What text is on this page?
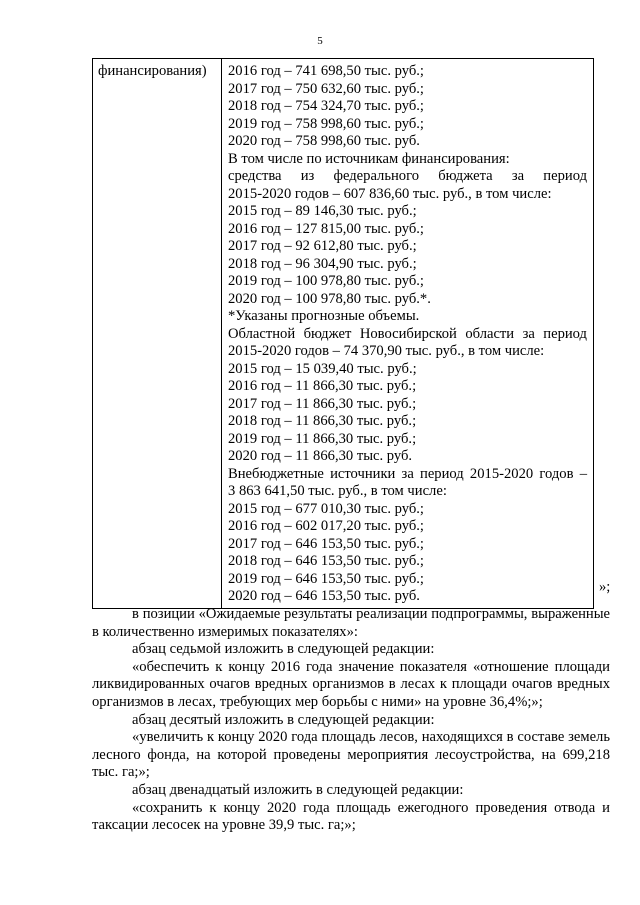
5
финансирования)	2016 год – 741 698,50 тыс. руб.;
2017 год – 750 632,60 тыс. руб.;
2018 год – 754 324,70 тыс. руб.;
2019 год – 758 998,60 тыс. руб.;
2020 год – 758 998,60 тыс. руб.
В том числе по источникам финансирования:
средства из федерального бюджета за период
2015-2020 годов – 607 836,60 тыс. руб., в том числе:
2015 год – 89 146,30 тыс. руб.;
2016 год – 127 815,00 тыс. руб.;
2017 год – 92 612,80 тыс. руб.;
2018 год – 96 304,90 тыс. руб.;
2019 год – 100 978,80 тыс. руб.;
2020 год – 100 978,80 тыс. руб.*.
*Указаны прогнозные объемы.
Областной бюджет Новосибирской области за период
2015-2020 годов – 74 370,90 тыс. руб., в том числе:
2015 год – 15 039,40 тыс. руб.;
2016 год – 11 866,30 тыс. руб.;
2017 год – 11 866,30 тыс. руб.;
2018 год – 11 866,30 тыс. руб.;
2019 год – 11 866,30 тыс. руб.;
2020 год – 11 866,30 тыс. руб.
Внебюджетные источники за период 2015-2020 годов –
3 863 641,50 тыс. руб., в том числе:
2015 год – 677 010,30 тыс. руб.;
2016 год – 602 017,20 тыс. руб.;
2017 год – 646 153,50 тыс. руб.;
2018 год – 646 153,50 тыс. руб.;
2019 год – 646 153,50 тыс. руб.;
2020 год – 646 153,50 тыс. руб.
»;

в позиции «Ожидаемые результаты реализации подпрограммы, выраженные в количественно измеримых показателях»:

абзац седьмой изложить в следующей редакции:

«обеспечить к концу 2016 года значение показателя «отношение площади ликвидированных очагов вредных организмов в лесах к площади очагов вредных организмов в лесах, требующих мер борьбы с ними» на уровне 36,4%;»;

абзац десятый изложить в следующей редакции:

«увеличить к концу 2020 года площадь лесов, находящихся в составе земель лесного фонда, на которой проведены мероприятия лесоустройства, на 699,218 тыс. га;»;

абзац двенадцатый изложить в следующей редакции:

«сохранить к концу 2020 года площадь ежегодного проведения отвода и таксации лесосек на уровне 39,9 тыс. га;»;
